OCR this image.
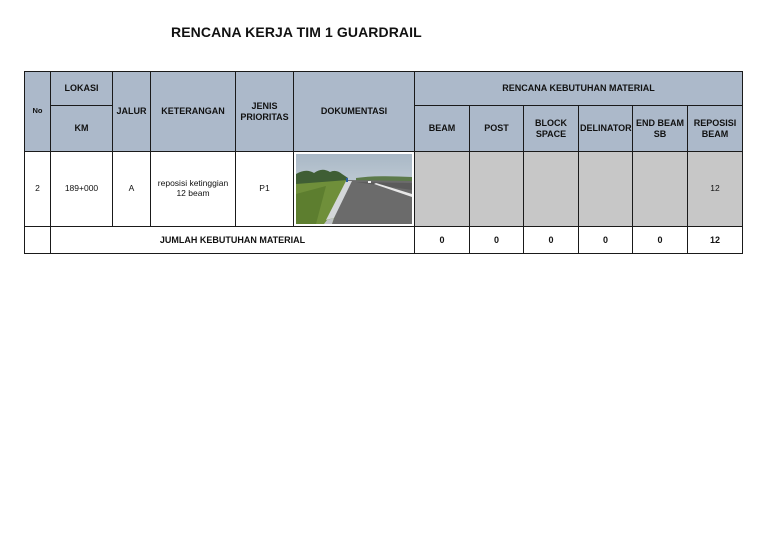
RENCANA KERJA TIM 1 GUARDRAIL
No	LOKASI	JALUR	KETERANGAN	JENIS PRIORITAS	DOKUMENTASI	RENCANA KEBUTUHAN MATERIAL					
	KM					BEAM	POST	BLOCK SPACE	DELINATOR	END BEAM SB	REPOSISI BEAM
2	189+000	A	reposisi ketinggian 12 beam	P1							12
	JUMLAH KEBUTUHAN MATERIAL					0	0	0	0	0	12
